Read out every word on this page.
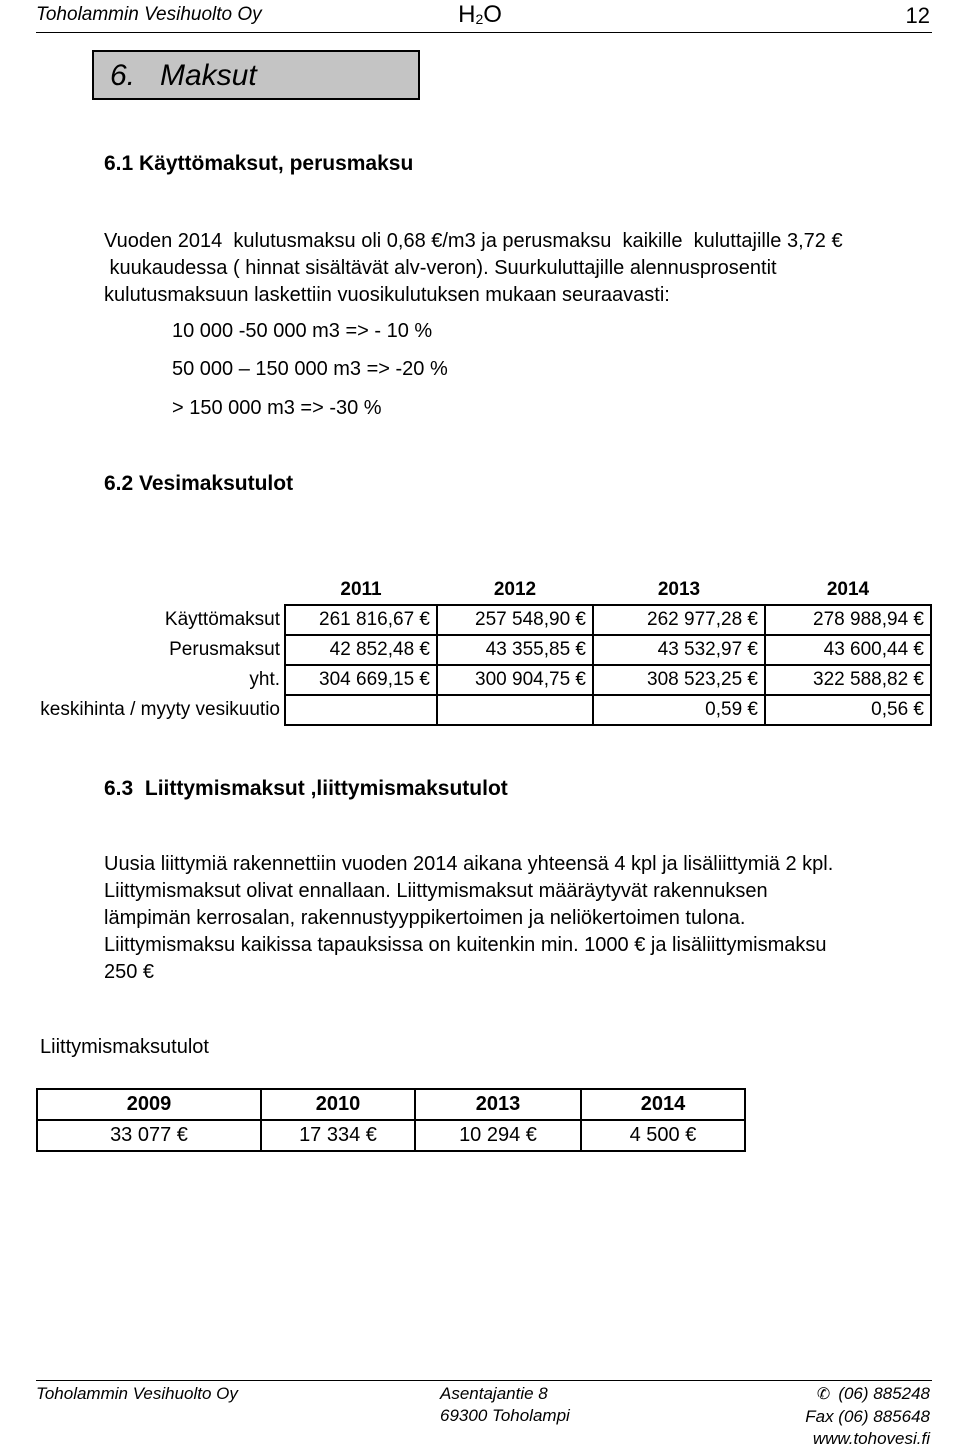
Toholammin Vesihuolto Oy	$H_2O$	12
6. Maksut
6.1 Käyttömaksut, perusmaksu
Vuoden 2014  kulutusmaksu oli 0,68 €/m3 ja perusmaksu  kaikille  kuluttajille 3,72 €
kuukaudessa ( hinnat sisältävät alv-veron). Suurkuluttajille alennusprosentit
kulutusmaksuun laskettiin vuosikulutuksen mukaan seuraavasti:
10 000 -50 000 m3 => - 10 %
50 000 – 150 000 m3 => -20 %
> 150 000 m3 => -30 %
6.2 Vesimaksutulot
	2011	2012	2013	2014
Käyttömaksut	261 816,67 €	257 548,90 €	262 977,28 €	278 988,94 €
Perusmaksut	42 852,48 €	43 355,85 €	43 532,97 €	43 600,44 €
yht.	304 669,15 €	300 904,75 €	308 523,25 €	322 588,82 €
keskihinta / myyty vesikuutio			0,59 €	0,56 €
6.3  Liittymismaksut ,liittymismaksutulot
Uusia liittymiä rakennettiin vuoden 2014 aikana yhteensä 4 kpl ja lisäliittymiä 2 kpl.
Liittymismaksut olivat ennallaan. Liittymismaksut määräytyvät rakennuksen
lämpimän kerrosalan, rakennustyyppikertoimen ja neliökertoimen tulona.
Liittymismaksu kaikissa tapauksissa on kuitenkin min. 1000 € ja lisäliittymismaksu
250 €
Liittymismaksutulot
2009	2010	2013	2014
33 077 €	17 334 €	10 294 €	4 500 €
Toholammin Vesihuolto Oy	Asentajantie 8
69300 Toholampi
✆ (06) 885248
Fax (06) 885648
www.tohovesi.fi
